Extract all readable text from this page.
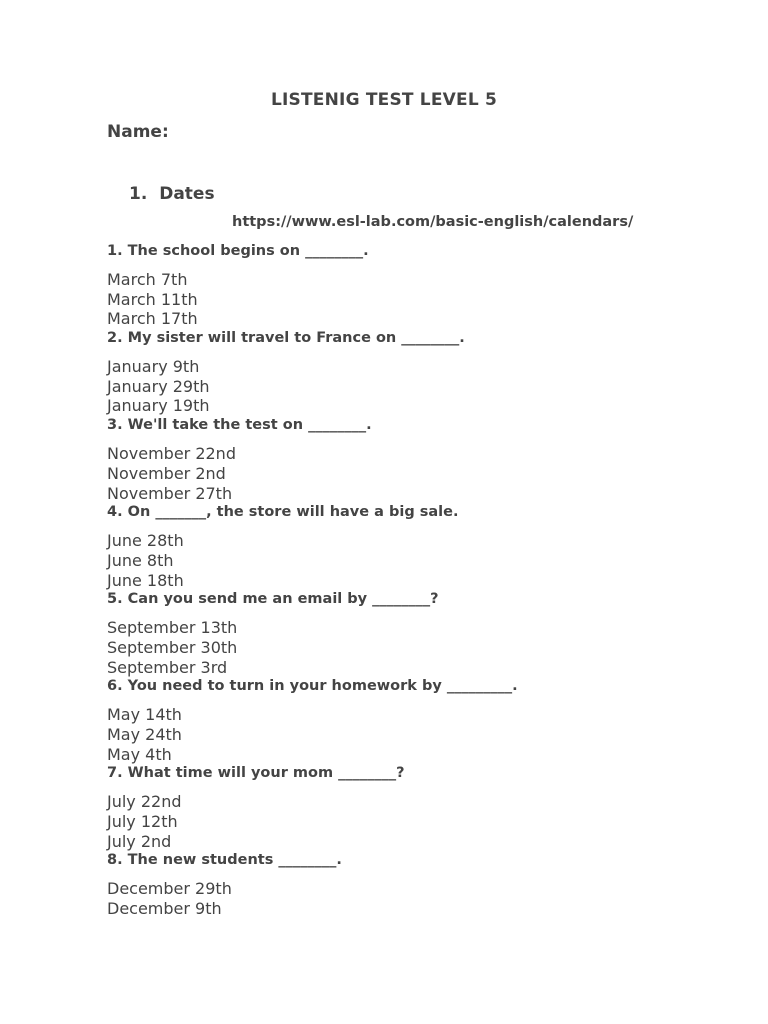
LISTENIG TEST LEVEL 5
Name:
1. Dates
https://www.esl-lab.com/basic-english/calendars/
1. The school begins on ________.
March 7th
March 11th
March 17th
2. My sister will travel to France on ________.
January 9th
January 29th
January 19th
3. We'll take the test on ________.
November 22nd
November 2nd
November 27th
4. On _______, the store will have a big sale.
June 28th
June 8th
June 18th
5. Can you send me an email by ________?
September 13th
September 30th
September 3rd
6. You need to turn in your homework by _________.
May 14th
May 24th
May 4th
7. What time will your mom ________?
July 22nd
July 12th
July 2nd
8. The new students ________.
December 29th
December 9th
